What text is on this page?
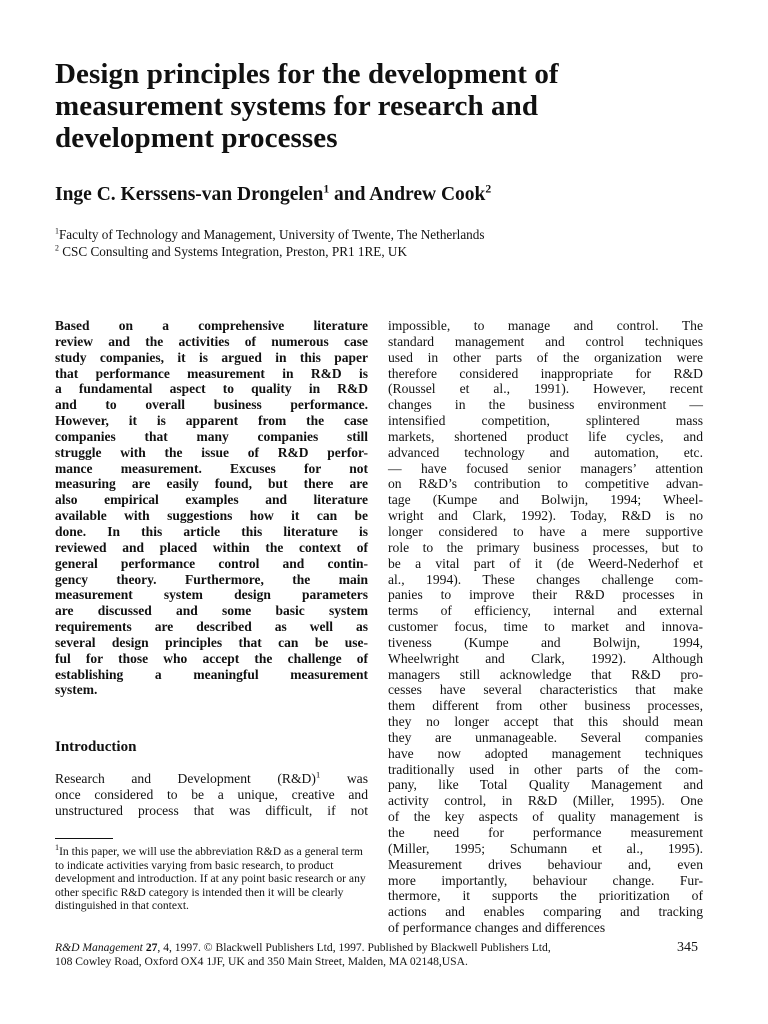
Design principles for the development of measurement systems for research and development processes

Inge C. Kerssens-van Drongelen$^1$ and Andrew Cook$^2$

$^1$Faculty of Technology and Management, University of Twente, The Netherlands

$^2$ CSC Consulting and Systems Integration, Preston, PR1 1RE, UK

Based on a comprehensive literature
review and the activities of numerous case
study companies, it is argued in this paper
that performance measurement in R&D is
a fundamental aspect to quality in R&D
and to overall business performance.
However, it is apparent from the case
companies that many companies still
struggle with the issue of R&D perfor-
mance measurement. Excuses for not
measuring are easily found, but there are
also empirical examples and literature
available with suggestions how it can be
done. In this article this literature is
reviewed and placed within the context of
general performance control and contin-
gency theory. Furthermore, the main
measurement system design parameters
are discussed and some basic system
requirements are described as well as
several design principles that can be use-
ful for those who accept the challenge of
establishing a meaningful measurement
system.

Introduction

Research and Development (R&D)$^1$ was
once considered to be a unique, creative and
unstructured process that was difficult, if not

$^1$In this paper, we will use the abbreviation R&D as a general term to indicate activities varying from basic research, to product development and introduction. If at any point basic research or any other specific R&D category is intended then it will be clearly distinguished in that context.

impossible, to manage and control. The
standard management and control techniques
used in other parts of the organization were
therefore considered inappropriate for R&D
(Roussel et al., 1991). However, recent
changes in the business environment —
intensified competition, splintered mass
markets, shortened product life cycles, and
advanced technology and automation, etc.
— have focused senior managers’ attention
on R&D’s contribution to competitive advan-
tage (Kumpe and Bolwijn, 1994; Wheel-
wright and Clark, 1992). Today, R&D is no
longer considered to have a mere supportive
role to the primary business processes, but to
be a vital part of it (de Weerd-Nederhof et
al., 1994). These changes challenge com-
panies to improve their R&D processes in
terms of efficiency, internal and external
customer focus, time to market and innova-
tiveness (Kumpe and Bolwijn, 1994,
Wheelwright and Clark, 1992). Although
managers still acknowledge that R&D pro-
cesses have several characteristics that make
them different from other business processes,
they no longer accept that this should mean
they are unmanageable. Several companies
have now adopted management techniques
traditionally used in other parts of the com-
pany, like Total Quality Management and
activity control, in R&D (Miller, 1995). One
of the key aspects of quality management is
the need for performance measurement
(Miller, 1995; Schumann et al., 1995).
Measurement drives behaviour and, even
more importantly, behaviour change. Fur-
thermore, it supports the prioritization of
actions and enables comparing and tracking
of performance changes and differences

R&D Management 27, 4, 1997. © Blackwell Publishers Ltd, 1997. Published by Blackwell Publishers Ltd,
108 Cowley Road, Oxford OX4 1JF, UK and 350 Main Street, Malden, MA 02148,USA.

345
